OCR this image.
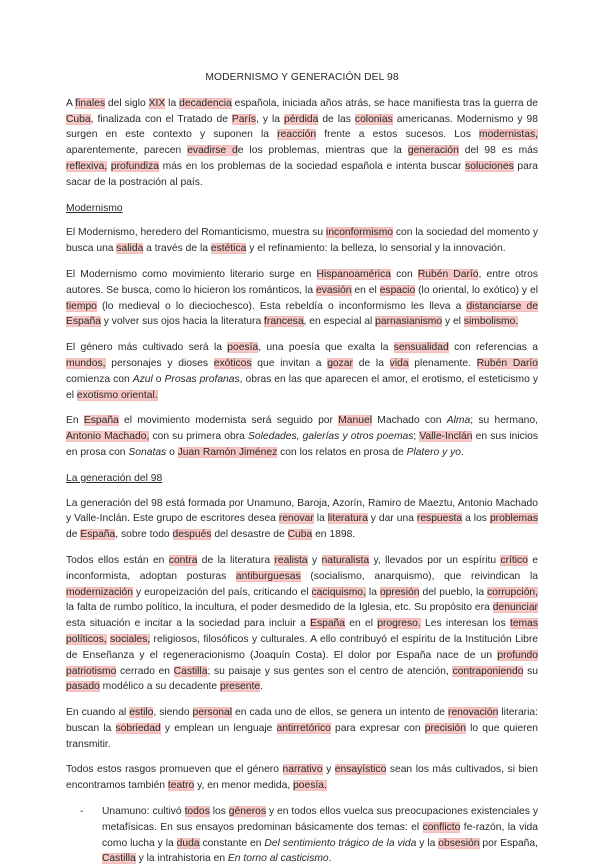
MODERNISMO Y GENERACIÓN DEL 98

A finales del siglo XIX la decadencia española, iniciada años atrás, se hace manifiesta tras la guerra de Cuba, finalizada con el Tratado de París, y la pérdida de las colonias americanas. Modernismo y 98 surgen en este contexto y suponen la reacción frente a estos sucesos. Los modernistas, aparentemente, parecen evadirse de los problemas, mientras que la generación del 98 es más reflexiva, profundiza más en los problemas de la sociedad española e intenta buscar soluciones para sacar de la postración al país.

Modernismo

El Modernismo, heredero del Romanticismo, muestra su inconformismo con la sociedad del momento y busca una salida a través de la estética y el refinamiento: la belleza, lo sensorial y la innovación.

El Modernismo como movimiento literario surge en Hispanoamérica con Rubén Darío, entre otros autores. Se busca, como lo hicieron los románticos, la evasión en el espacio (lo oriental, lo exótico) y el tiempo (lo medieval o lo dieciochesco). Esta rebeldía o inconformismo les lleva a distanciarse de España y volver sus ojos hacia la literatura francesa, en especial al parnasianismo y el simbolismo.

El género más cultivado será la poesía, una poesía que exalta la sensualidad con referencias a mundos, personajes y dioses exóticos que invitan a gozar de la vida plenamente. Rubén Darío comienza con Azul o Prosas profanas, obras en las que aparecen el amor, el erotismo, el esteticismo y el exotismo oriental.

En España el movimiento modernista será seguido por Manuel Machado con Alma; su hermano, Antonio Machado, con su primera obra Soledades, galerías y otros poemas; Valle-Inclán en sus inicios en prosa con Sonatas o Juan Ramón Jiménez con los relatos en prosa de Platero y yo.

La generación del 98

La generación del 98 está formada por Unamuno, Baroja, Azorín, Ramiro de Maeztu, Antonio Machado y Valle-Inclán. Este grupo de escritores desea renovar la literatura y dar una respuesta a los problemas de España, sobre todo después del desastre de Cuba en 1898.

Todos ellos están en contra de la literatura realista y naturalista y, llevados por un espíritu crítico e inconformista, adoptan posturas antiburguesas (socialismo, anarquismo), que reivindican la modernización y europeización del país, criticando el caciquismo, la opresión del pueblo, la corrupción, la falta de rumbo político, la incultura, el poder desmedido de la Iglesia, etc. Su propósito era denunciar esta situación e incitar a la sociedad para incluir a España en el progreso. Les interesan los temas políticos, sociales, religiosos, filosóficos y culturales. A ello contribuyó el espíritu de la Institución Libre de Enseñanza y el regeneracionismo (Joaquín Costa). El dolor por España nace de un profundo patriotismo cerrado en Castilla; su paisaje y sus gentes son el centro de atención, contraponiendo su pasado modélico a su decadente presente.

En cuando al estilo, siendo personal en cada uno de ellos, se genera un intento de renovación literaria: buscan la sobriedad y emplean un lenguaje antirretórico para expresar con precisión lo que quieren transmitir.

Todos estos rasgos promueven que el género narrativo y ensayístico sean los más cultivados, si bien encontramos también teatro y, en menor medida, poesía.

- Unamuno: cultivó todos los géneros y en todos ellos vuelca sus preocupaciones existenciales y metafísicas. En sus ensayos predominan básicamente dos temas: el conflicto fe-razón, la vida como lucha y la duda constante en Del sentimiento trágico de la vida y la obsesión por España, Castilla y la intrahistoria en En torno al casticismo.
